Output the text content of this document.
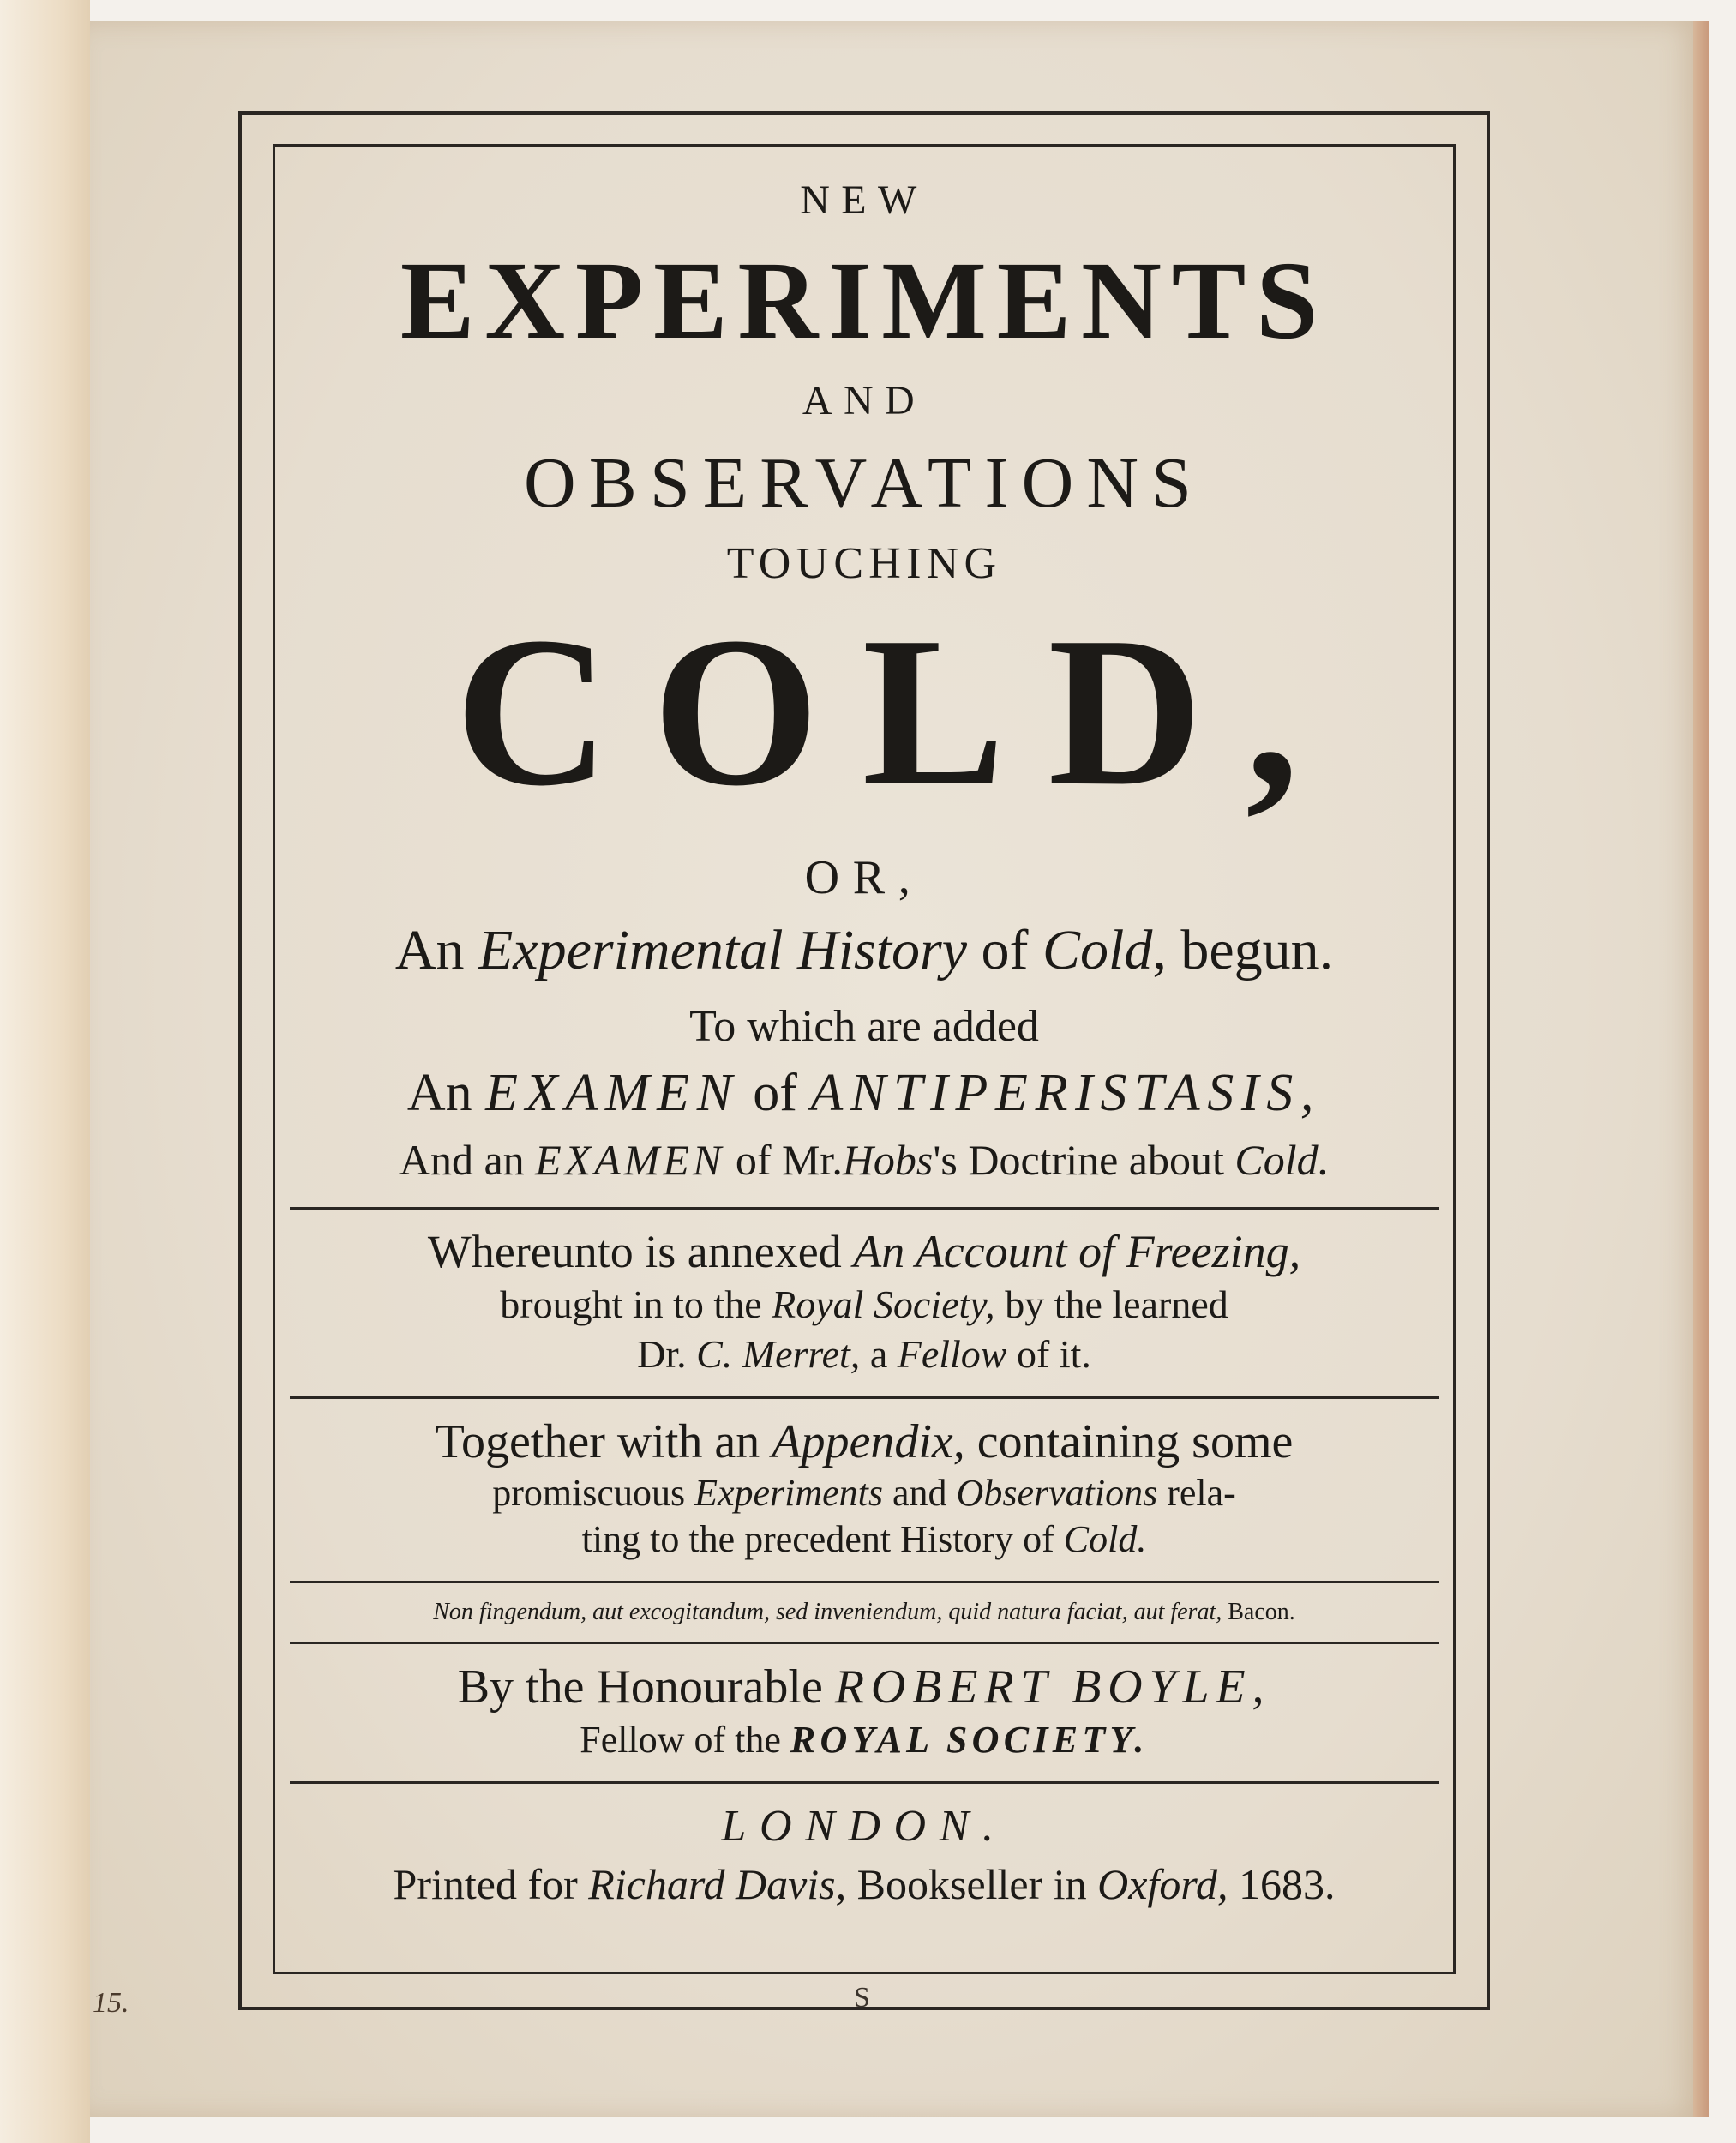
15.
NEW
EXPERIMENTS
AND
OBSERVATIONS
TOUCHING
COLD,
OR,
An Experimental History of Cold, begun.
To which are added
An EXAMEN of ANTIPERISTASIS,
And an EXAMEN of Mr.Hobs's Doctrine about Cold.
Whereunto is annexed An Account of Freezing,
brought in to the Royal Society, by the learned
Dr. C. Merret, a Fellow of it.
Together with an Appendix, containing some
promiscuous Experiments and Observations rela-
ting to the precedent History of Cold.
Non fingendum, aut excogitandum, sed inveniendum, quid natura faciat, aut ferat, Bacon.
By the Honourable ROBERT BOYLE,
Fellow of the ROYAL SOCIETY.
LONDON.
Printed for Richard Davis, Bookseller in Oxford, 1683.
S
